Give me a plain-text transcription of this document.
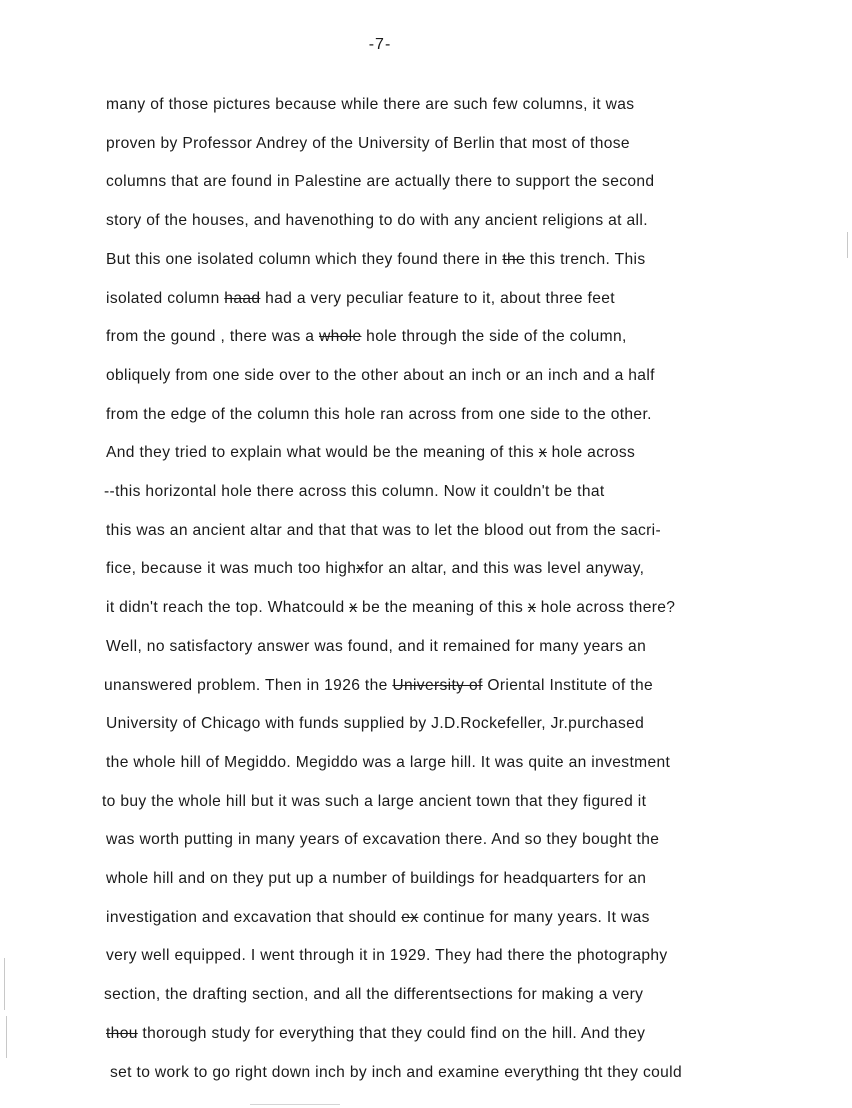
-7-
many of those pictures because while there are such few columns, it was
proven by Professor Andrey of the University of Berlin that most of those
columns that are found in Palestine are actually there to support the second
story of the houses, and havenothing to do with any ancient religions at all.
But this one isolated column which they found there in the this trench. This
isolated column haad had a very peculiar feature to it, about three feet
from the gound , there was a whole hole through the side of the column,
obliquely from one side over to the other about an inch or an inch and a half
from the edge of the column this hole ran across from one side to the other.
And they tried to explain what would be the meaning of this x hole across
--this horizontal hole there across this column. Now it couldn't be that
this was an ancient altar and that that was to let the blood out from the sacri-
fice, because it was much too highxfor an altar, and this was level anyway,
it didn't reach the top. Whatcould x be the meaning of this x hole across there?
Well, no satisfactory answer was found, and it remained for many years an
unanswered problem. Then in 1926 the University of Oriental Institute of the
University of Chicago with funds supplied by J.D.Rockefeller, Jr.purchased
the whole hill of Megiddo. Megiddo was a large hill. It was quite an investment
to buy the whole hill but it was such a large ancient town that they figured it
was worth putting in many years of excavation there. And so they bought the
whole hill and on they put up a number of buildings for headquarters for an
investigation and excavation that should ex continue for many years. It was
very well equipped. I went through it in 1929. They had there the photography
section, the drafting section, and all the differentsections for making a very
thou thorough study for everything that they could find on the hill. And they
set to work to go right down inch by inch and examine everything tht they could
